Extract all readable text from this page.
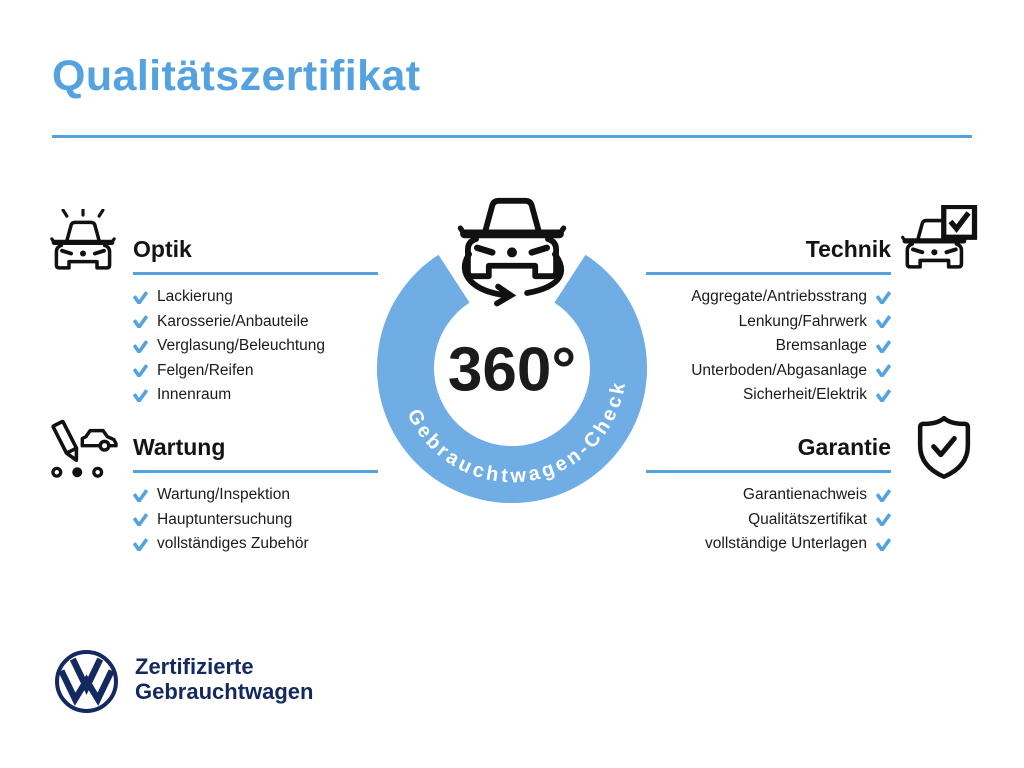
Qualitätszertifikat
Gebrauchtwagen-Check
360°
Optik
Lackierung
Karosserie/Anbauteile
Verglasung/Beleuchtung
Felgen/Reifen
Innenraum
Technik
Aggregate/Antriebsstrang
Lenkung/Fahrwerk
Bremsanlage
Unterboden/Abgasanlage
Sicherheit/Elektrik
Wartung
Wartung/Inspektion
Hauptuntersuchung
vollständiges Zubehör
Garantie
Garantienachweis
Qualitätszertifikat
vollständige Unterlagen
Zertifizierte
Gebrauchtwagen
